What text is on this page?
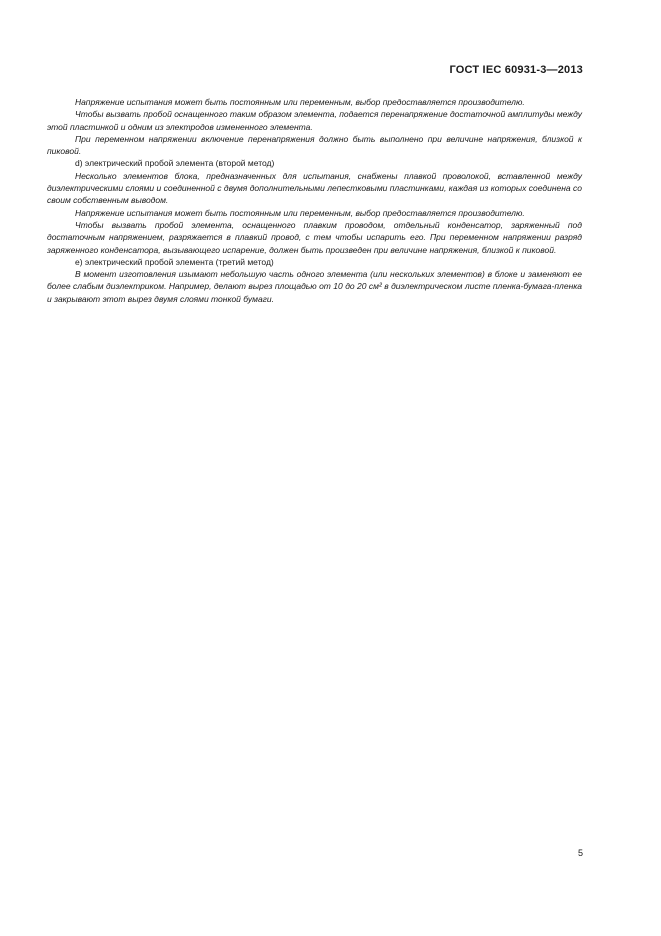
ГОСТ IEC 60931-3—2013

Напряжение испытания может быть постоянным или переменным, выбор предоставляется производителю.

Чтобы вызвать пробой оснащенного таким образом элемента, подается перенапряжение достаточной амплитуды между этой пластинкой и одним из электродов измененного элемента.

При переменном напряжении включение перенапряжения должно быть выполнено при величине напряжения, близкой к пиковой.

d) электрический пробой элемента (второй метод)

Несколько элементов блока, предназначенных для испытания, снабжены плавкой проволокой, вставленной между диэлектрическими слоями и соединенной с двумя дополнительными лепестковыми пластинками, каждая из которых соединена со своим собственным выводом.

Напряжение испытания может быть постоянным или переменным, выбор предоставляется производителю.

Чтобы вызвать пробой элемента, оснащенного плавким проводом, отдельный конденсатор, заряженный под достаточным напряжением, разряжается в плавкий провод, с тем чтобы испарить его. При переменном напряжении разряд заряженного конденсатора, вызывающего испарение, должен быть произведен при величине напряжения, близкой к пиковой.

e) электрический пробой элемента (третий метод)

В момент изготовления изымают небольшую часть одного элемента (или нескольких элементов) в блоке и заменяют ее более слабым диэлектриком. Например, делают вырез площадью от 10 до 20 см² в диэлектрическом листе пленка-бумага-пленка и закрывают этот вырез двумя слоями тонкой бумаги.

5
